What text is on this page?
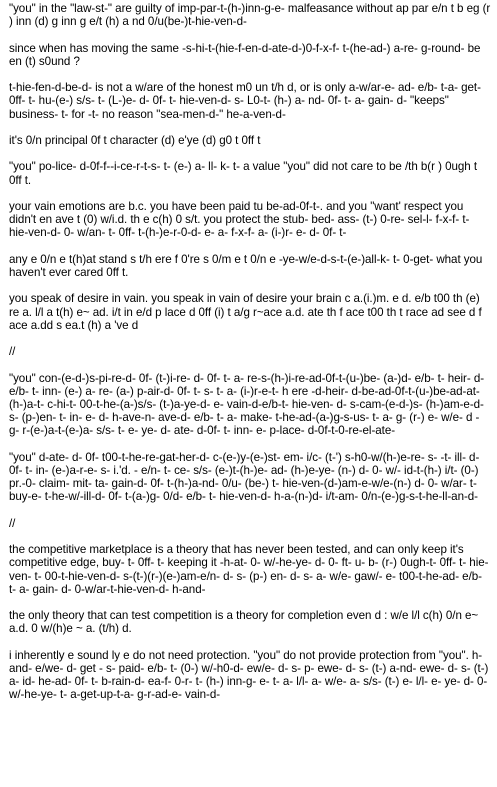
"you" in the "law-st-" are guilty of imp-par-t-(h-)inn-g-e- malfeasance without ap par e/n t b eg (r ) inn (d) g inn g e/t (h) a nd 0/u(be-)t-hie-ven-d-

since when has moving the same -s-hi-t-(hie-f-en-d-ate-d-)0-f-x-f- t-(he-ad-) a-re- g-round- be en (t) s0und ?

t-hie-fen-d-be-d- is not a w/are of the honest m0 un t/h d, or is only a-w/ar-e- ad- e/b- t-a- get- 0ff- t- hu-(e-) s/s- t- (L-)e- d- 0f- t- hie-ven-d- s- L0-t- (h-) a- nd- 0f- t- a- gain- d- "keeps" business- t- for -t- no reason "sea-men-d-" he-a-ven-d-

it's 0/n principal 0f t character (d) e'ye (d) g0 t 0ff t

"you" po-lice- d-0f-f--i-ce-r-t-s- t- (e-) a- ll- k- t- a value "you" did not care to be /th b(r ) 0ugh t 0ff t.

your vain emotions are b.c. you have been paid tu be-ad-0f-t-. and you "want' respect you didn't en ave t (0) w/i.d. th e c(h) 0 s/t. you protect the stub- bed- ass- (t-) 0-re- sel-l- f-x-f- t- hie-ven-d- 0- w/an- t- 0ff- t-(h-)e-r-0-d- e- a- f-x-f- a- (i-)r- e- d- 0f- t-

any e 0/n e t(h)at stand s t/h ere f 0're s 0/m e t 0/n e -ye-w/e-d-s-t-(e-)all-k- t- 0-get- what you haven't ever cared 0ff t.

you speak of desire in vain. you speak in vain of desire your brain c a.(i.)m. e d. e/b t00 th (e) re a. l/l a t(h) e~ ad. i/t in e/d p lace d 0ff (i) t a/g r~ace a.d. ate th f ace t00 th t race ad see d f ace a.dd s ea.t (h) a 've d

//

"you" con-(e-d-)s-pi-re-d- 0f- (t-)i-re- d- 0f- t- a- re-s-(h-)i-re-ad-0f-t-(u-)be- (a-)d- e/b- t- heir- d- e/b- t- inn- (e-) a- re- (a-) p-air-d- 0f- t- s- t- a- (i-)r-e-t- h ere -d-heir- d-be-ad-0f-t-(u-)be-ad-at-(h-)a-t- c-hi-t- 00-t-he-(a-)s/s- (t-)a-ye-d- e- vain-d-e/b-t- hie-ven- d- s-cam-(e-d-)s- (h-)am-e-d- s- (p-)en- t- in- e- d- h-ave-n- ave-d- e/b- t- a- make- t-he-ad-(a-)g-s-us- t- a- g- (r-) e- w/e- d - g- r-(e-)a-t-(e-)a- s/s- t- e- ye- d- ate- d-0f- t- inn- e- p-lace- d-0f-t-0-re-el-ate-

"you" d-ate- d- 0f- t00-t-he-re-gat-her-d- c-(e-)y-(e-)st- em- i/c- (t-') s-h0-w/(h-)e-re- s- -t- ill- d-0f- t- in- (e-)a-r-e- s- i.'d. - e/n- t- ce- s/s- (e-)t-(h-)e- ad- (h-)e-ye- (n-) d- 0- w/- id-t-(h-) i/t- (0-) pr.-0- claim- mit- ta- gain-d- 0f- t-(h-)a-nd- 0/u- (be-) t- hie-ven-(d-)am-e-w/e-(n-) d- 0- w/ar- t- buy-e- t-he-w/-ill-d- 0f- t-(a-)g- 0/d- e/b- t- hie-ven-d- h-a-(n-)d- i/t-am- 0/n-(e-)g-s-t-he-ll-an-d-

//

the competitive marketplace is a theory that has never been tested, and can only keep it's competitive edge, buy- t- 0ff- t- keeping it -h-at- 0- w/-he-ye- d- 0- ft- u- b- (r-) 0ugh-t- 0ff- t- hie-ven- t- 00-t-hie-ven-d- s-(t-)(r-)(e-)am-e/n- d- s- (p-) en- d- s- a- w/e- gaw/- e- t00-t-he-ad- e/b- t- a- gain- d- 0-w/ar-t-hie-ven-d- h-and-

the only theory that can test competition is a theory for completion even d : w/e l/l c(h) 0/n e~ a.d. 0 w/(h)e ~ a. (t/h) d.

i inherently e sound ly e do not need protection. "you" do not provide protection from "you". h-and- e/we- d- get - s- paid- e/b- t- (0-) w/-h0-d- ew/e- d- s- p- ewe- d- s- (t-) a-nd- ewe- d- s- (t-) a- id- he-ad- 0f- t- b-rain-d- ea-f- 0-r- t- (h-) inn-g- e- t- a- l/l- a- w/e- a- s/s- (t-) e- l/l- e- ye- d- 0- w/-he-ye- t- a-get-up-t-a- g-r-ad-e- vain-d-
